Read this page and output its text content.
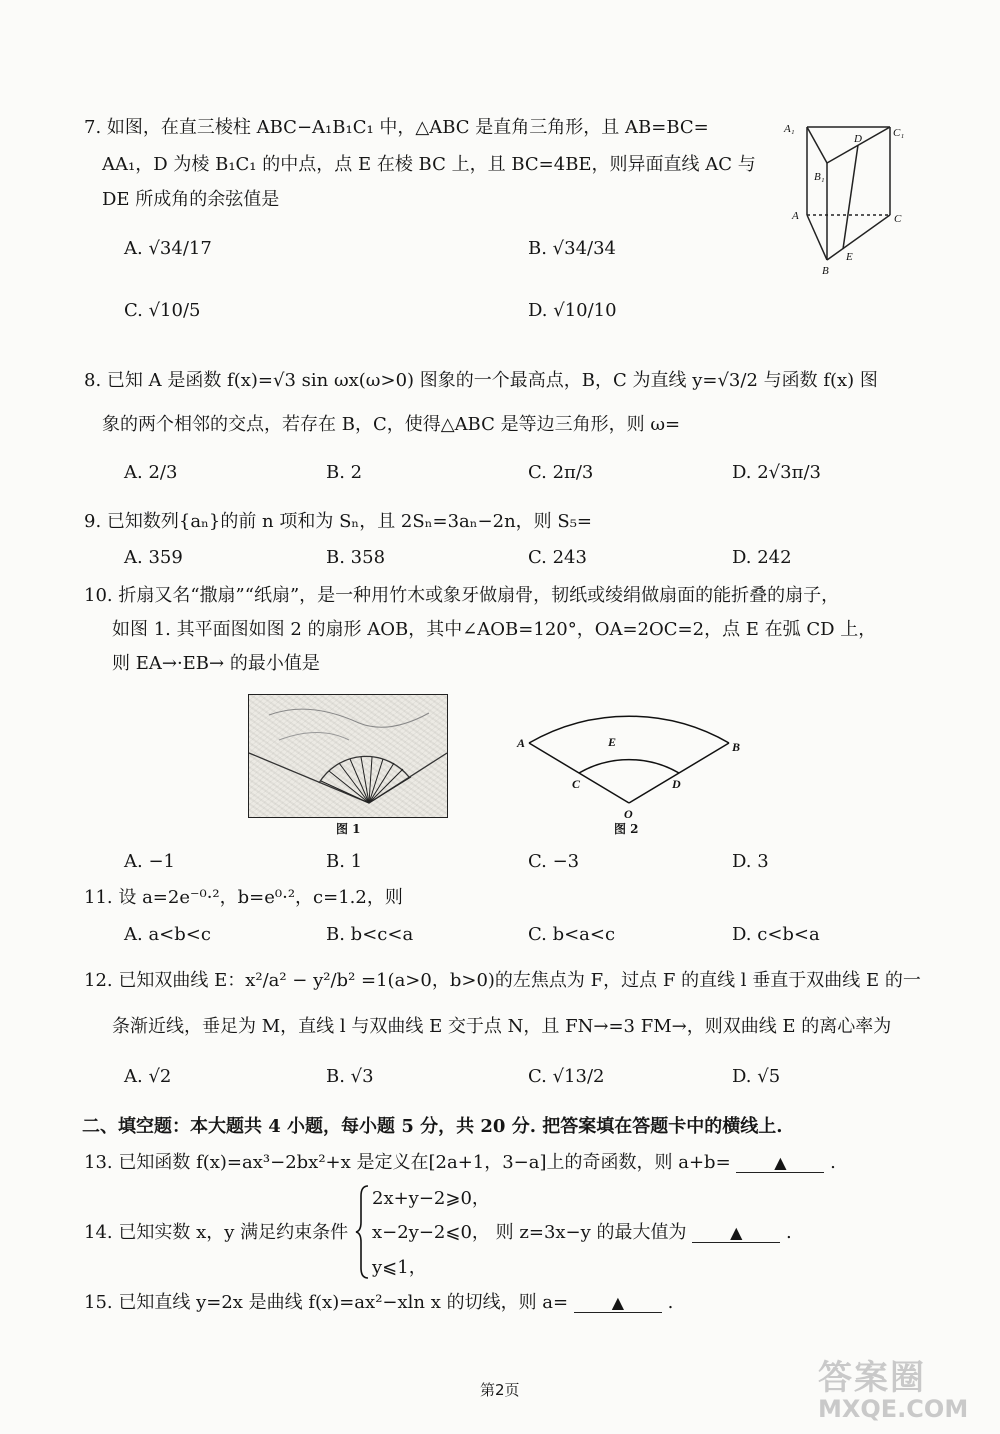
7. 如图，在直三棱柱 ABC−A₁B₁C₁ 中，△ABC 是直角三角形，且 AB=BC=
AA₁，D 为棱 B₁C₁ 的中点，点 E 在棱 BC 上，且 BC=4BE，则异面直线 AC 与
DE 所成角的余弦值是
A. √34/17	B. √34/34
C. √10/5	D. √10/10
A₁
D	C₁
B₁
A	C
B
E
8. 已知 A 是函数 f(x)=√3 sin ωx(ω>0) 图象的一个最高点，B，C 为直线 y=√3/2 与函数 f(x) 图
象的两个相邻的交点，若存在 B，C，使得△ABC 是等边三角形，则 ω=
A. 2/3	B. 2	C. 2π/3	D. 2√3π/3
9. 已知数列{aₙ}的前 n 项和为 Sₙ，且 2Sₙ=3aₙ−2n，则 S₅=
A. 359	B. 358	C. 243	D. 242
10. 折扇又名“撒扇”“纸扇”，是一种用竹木或象牙做扇骨，韧纸或绫绢做扇面的能折叠的扇子，
如图 1. 其平面图如图 2 的扇形 AOB，其中∠AOB=120°，OA=2OC=2，点 E 在弧 CD 上，
则 EA→·EB→ 的最小值是
图 1
A	B
E
C	D
O
图 2
A. −1	B. 1	C. −3	D. 3
11. 设 a=2e⁻⁰·²，b=e⁰·²，c=1.2，则
A. a<b<c	B. b<c<a	C. b<a<c	D. c<b<a
12. 已知双曲线 E：x²/a² − y²/b² =1(a>0，b>0)的左焦点为 F，过点 F 的直线 l 垂直于双曲线 E 的一
条渐近线，垂足为 M，直线 l 与双曲线 E 交于点 N，且 FN→=3 FM→，则双曲线 E 的离心率为
A. √2	B. √3	C. √13/2	D. √5
二、填空题：本大题共 4 小题，每小题 5 分，共 20 分. 把答案填在答题卡中的横线上.
13. 已知函数 f(x)=ax³−2bx²+x 是定义在[2a+1，3−a]上的奇函数，则 a+b=	▲ .
14. 已知实数 x，y 满足约束条件
2x+y−2⩾0，
x−2y−2⩽0， 则 z=3x−y 的最大值为	▲ .
y⩽1，
15. 已知直线 y=2x 是曲线 f(x)=ax²−xln x 的切线，则 a=	▲ .
第2页	答案圈
MXQE.COM
